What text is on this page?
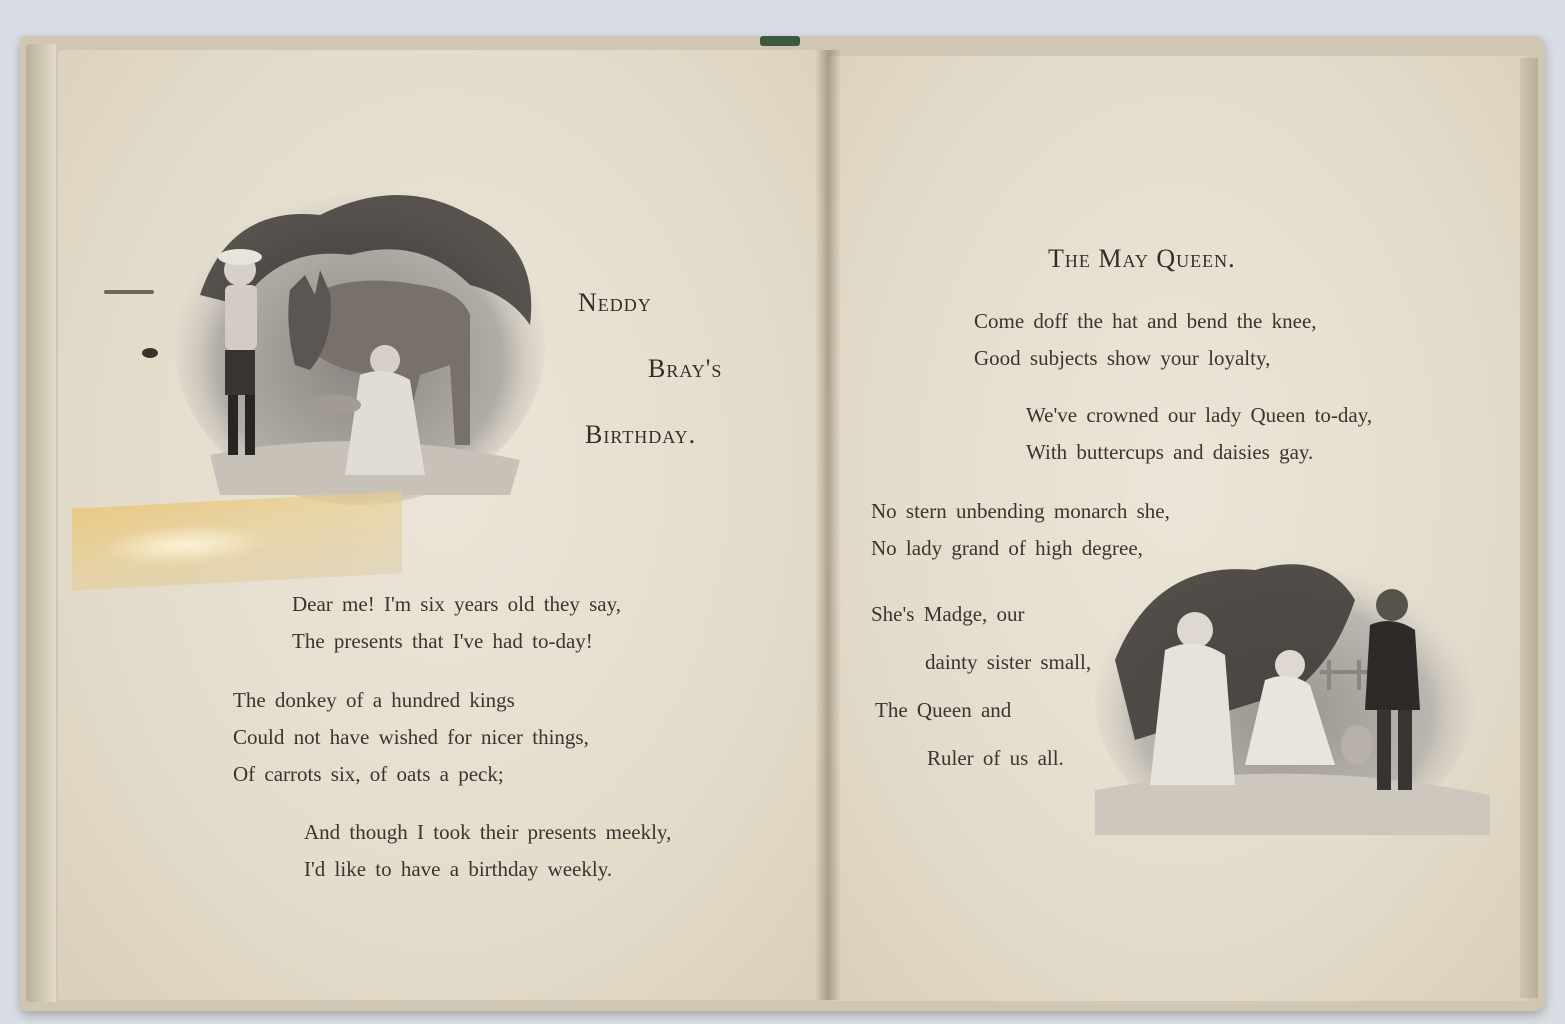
Neddy
Bray's
Birthday.
Dear me! I'm six years old they say,
The presents that I've had to-day!
The donkey of a hundred kings
Could not have wished for nicer things,
Of carrots six, of oats a peck;
And though I took their presents meekly,
I'd like to have a birthday weekly.
The May Queen.
Come doff the hat and bend the knee,
Good subjects show your loyalty,
We've crowned our lady Queen to-day,
With buttercups and daisies gay.
No stern unbending monarch she,
No lady grand of high degree,
She's Madge, our
dainty sister small,
The Queen and
Ruler of us all.
